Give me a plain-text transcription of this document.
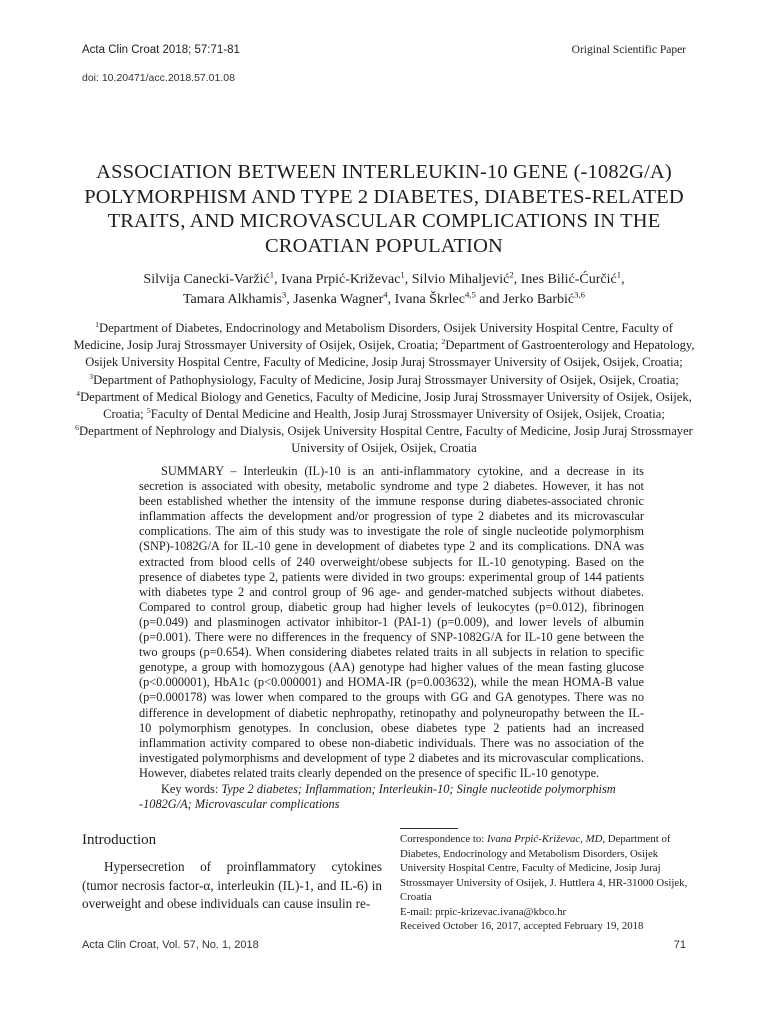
Acta Clin Croat 2018; 57:71-81	Original Scientific Paper
doi: 10.20471/acc.2018.57.01.08
ASSOCIATION BETWEEN INTERLEUKIN-10 GENE (-1082G/A) POLYMORPHISM AND TYPE 2 DIABETES, DIABETES-RELATED TRAITS, AND MICROVASCULAR COMPLICATIONS IN THE CROATIAN POPULATION
Silvija Canecki-Varžić$^1$, Ivana Prpić-Križevac$^1$, Silvio Mihaljević$^2$, Ines Bilić-Ćurčić$^1$,
Tamara Alkhamis$^3$, Jasenka Wagner$^4$, Ivana Škrlec$^{4,5}$ and Jerko Barbić$^{3,6}$
$^1$Department of Diabetes, Endocrinology and Metabolism Disorders, Osijek University Hospital Centre, Faculty of Medicine, Josip Juraj Strossmayer University of Osijek, Osijek, Croatia; $^2$Department of Gastroenterology and Hepatology, Osijek University Hospital Centre, Faculty of Medicine, Josip Juraj Strossmayer University of Osijek, Osijek, Croatia; $^3$Department of Pathophysiology, Faculty of Medicine, Josip Juraj Strossmayer University of Osijek, Osijek, Croatia; $^4$Department of Medical Biology and Genetics, Faculty of Medicine, Josip Juraj Strossmayer University of Osijek, Osijek, Croatia; $^5$Faculty of Dental Medicine and Health, Josip Juraj Strossmayer University of Osijek, Osijek, Croatia; $^6$Department of Nephrology and Dialysis, Osijek University Hospital Centre, Faculty of Medicine, Josip Juraj Strossmayer University of Osijek, Osijek, Croatia

SUMMARY – Interleukin (IL)-10 is an anti-inflammatory cytokine, and a decrease in its secretion is associated with obesity, metabolic syndrome and type 2 diabetes. However, it has not been established whether the intensity of the immune response during diabetes-associated chronic inflammation affects the development and/or progression of type 2 diabetes and its microvascular complications. The aim of this study was to investigate the role of single nucleotide polymorphism (SNP)-1082G/A for IL-10 gene in development of diabetes type 2 and its complications. DNA was extracted from blood cells of 240 overweight/obese subjects for IL-10 genotyping. Based on the presence of diabetes type 2, patients were divided in two groups: experimental group of 144 patients with diabetes type 2 and control group of 96 age- and gender-matched subjects without diabetes. Compared to control group, diabetic group had higher levels of leukocytes (p=0.012), fibrinogen (p=0.049) and plasminogen activator inhibitor-1 (PAI-1) (p=0.009), and lower levels of albumin (p=0.001). There were no differences in the frequency of SNP-1082G/A for IL-10 gene between the two groups (p=0.654). When considering diabetes related traits in all subjects in relation to specific genotype, a group with homozygous (AA) genotype had higher values of the mean fasting glucose (p<0.000001), HbA1c (p<0.000001) and HOMA-IR (p=0.003632), while the mean HOMA-B value (p=0.000178) was lower when compared to the groups with GG and GA genotypes. There was no difference in development of diabetic nephropathy, retinopathy and polyneuropathy between the IL-10 polymorphism genotypes. In conclusion, obese diabetes type 2 patients had an increased inflammation activity compared to obese non-diabetic individuals. There was no association of the investigated polymorphisms and development of type 2 diabetes and its microvascular complications. However, diabetes related traits clearly depended on the presence of specific IL-10 genotype.

Key words: Type 2 diabetes; Inflammation; Interleukin-10; Single nucleotide polymorphism -1082G/A; Microvascular complications
Introduction
Hypersecretion of proinflammatory cytokines (tumor necrosis factor-α, interleukin (IL)-1, and IL-6) in overweight and obese individuals can cause insulin re-
Correspondence to: Ivana Prpić-Križevac, MD, Department of Diabetes, Endocrinology and Metabolism Disorders, Osijek University Hospital Centre, Faculty of Medicine, Josip Juraj Strossmayer University of Osijek, J. Huttlera 4, HR-31000 Osijek, Croatia
E-mail: prpic-krizevac.ivana@kbco.hr
Received October 16, 2017, accepted February 19, 2018
Acta Clin Croat, Vol. 57, No. 1, 2018	71
